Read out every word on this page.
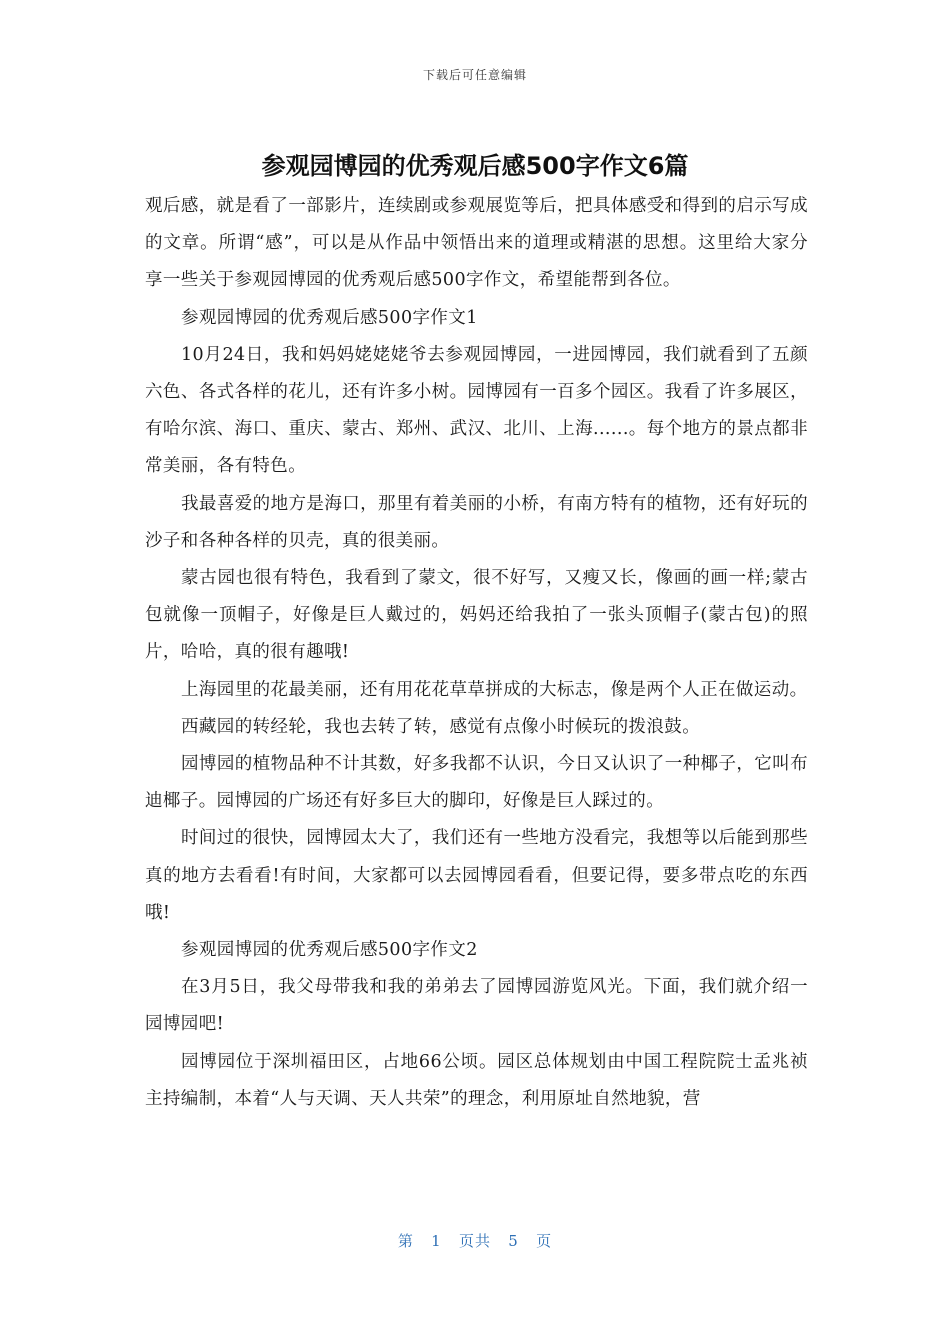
下载后可任意编辑
参观园博园的优秀观后感500字作文6篇

观后感，就是看了一部影片，连续剧或参观展览等后，把具体感受和得到的启示写成的文章。所谓“感”，可以是从作品中领悟出来的道理或精湛的思想。这里给大家分享一些关于参观园博园的优秀观后感500字作文，希望能帮到各位。

参观园博园的优秀观后感500字作文1

10月24日，我和妈妈姥姥姥爷去参观园博园，一进园博园，我们就看到了五颜六色、各式各样的花儿，还有许多小树。园博园有一百多个园区。我看了许多展区，有哈尔滨、海口、重庆、蒙古、郑州、武汉、北川、上海......。每个地方的景点都非常美丽，各有特色。

我最喜爱的地方是海口，那里有着美丽的小桥，有南方特有的植物，还有好玩的沙子和各种各样的贝壳，真的很美丽。

蒙古园也很有特色，我看到了蒙文，很不好写，又瘦又长，像画的画一样;蒙古包就像一顶帽子，好像是巨人戴过的，妈妈还给我拍了一张头顶帽子(蒙古包)的照片，哈哈，真的很有趣哦!

上海园里的花最美丽，还有用花花草草拼成的大标志，像是两个人正在做运动。

西藏园的转经轮，我也去转了转，感觉有点像小时候玩的拨浪鼓。

园博园的植物品种不计其数，好多我都不认识，今日又认识了一种椰子，它叫布迪椰子。园博园的广场还有好多巨大的脚印，好像是巨人踩过的。

时间过的很快，园博园太大了，我们还有一些地方没看完，我想等以后能到那些真的地方去看看!有时间，大家都可以去园博园看看，但要记得，要多带点吃的东西哦!

参观园博园的优秀观后感500字作文2

在3月5日，我父母带我和我的弟弟去了园博园游览风光。下面，我们就介绍一园博园吧!

园博园位于深圳福田区，占地66公顷。园区总体规划由中国工程院院士孟兆祯主持编制，本着“人与天调、天人共荣”的理念，利用原址自然地貌，营

第   1   页共   5   页
